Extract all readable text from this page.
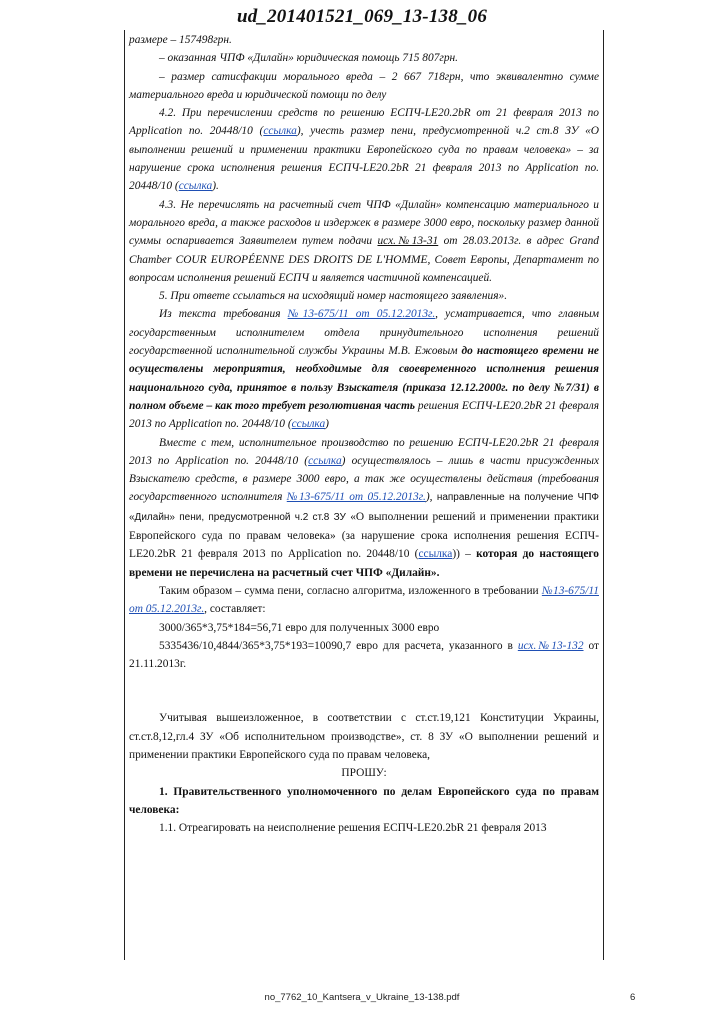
ud_201401521_069_13-138_06

размере – 157498грн.

– оказанная ЧПФ «Дилайн» юридическая помощь 715 807грн.

– размер сатисфакции морального вреда – 2 667 718грн, что эквивалентно сумме материального вреда и юридической помощи по делу

4.2. При перечислении средств по решению ЕСПЧ-LE20.2bR от 21 февраля 2013 по Application no. 20448/10 (ссылка), учесть размер пени, предусмотренной ч.2 ст.8 ЗУ «О выполнении решений и применении практики Европейского суда по правам человека» – за нарушение срока исполнения решения ЕСПЧ-LE20.2bR 21 февраля 2013 по Application no. 20448/10 (ссылка).

4.3. Не перечислять на расчетный счет ЧПФ «Дилайн» компенсацию материального и морального вреда, а также расходов и издержек в размере 3000 евро, поскольку размер данной суммы оспаривается Заявителем путем подачи исх.№13-31 от 28.03.2013г. в адрес Grand Chamber COUR EUROPÉENNE DES DROITS DE L'HOMME, Совет Европы, Департамент по вопросам исполнения решений ЕСПЧ и является частичной компенсацией.

5. При ответе ссылаться на исходящий номер настоящего заявления».

Из текста требования №13-675/11 от 05.12.2013г., усматривается, что главным государственным исполнителем отдела принудительного исполнения решений государственной исполнительной службы Украины М.В. Ежовым до настоящего времени не осуществлены мероприятия, необходимые для своевременного исполнения решения национального суда, принятое в пользу Взыскателя (приказа 12.12.2000г. по делу №7/31) в полном объеме – как того требует резолютивная часть решения ЕСПЧ-LE20.2bR 21 февраля 2013 по Application no. 20448/10 (ссылка)

Вместе с тем, исполнительное производство по решению ЕСПЧ-LE20.2bR 21 февраля 2013 по Application no. 20448/10 (ссылка) осуществлялось – лишь в части присужденных Взыскателю средств, в размере 3000 евро, а так же осуществлены действия (требования государственного исполнителя №13-675/11 от 05.12.2013г.), направленные на получение ЧПФ «Дилайн» пени, предусмотренной ч.2 ст.8 ЗУ «О выполнении решений и применении практики Европейского суда по правам человека» (за нарушение срока исполнения решения ЕСПЧ-LE20.2bR 21 февраля 2013 по Application no. 20448/10 (ссылка)) – которая до настоящего времени не перечислена на расчетный счет ЧПФ «Дилайн».

Таким образом – сумма пени, согласно алгоритма, изложенного в требовании №13-675/11 от 05.12.2013г., составляет:

3000/365*3,75*184=56,71 евро для полученных 3000 евро

5335436/10,4844/365*3,75*193=10090,7 евро для расчета, указанного в исх.№13-132 от 21.11.2013г.

Учитывая вышеизложенное, в соответствии с ст.ст.19,121 Конституции Украины, ст.ст.8,12,гл.4 ЗУ «Об исполнительном производстве», ст. 8 ЗУ «О выполнении решений и применении практики Европейского суда по правам человека,

ПРОШУ:

1. Правительственного уполномоченного по делам Европейского суда по правам человека:

1.1. Отреагировать на неисполнение решения ЕСПЧ-LE20.2bR 21 февраля 2013

no_7762_10_Kantsera_v_Ukraine_13-138.pdf	6
